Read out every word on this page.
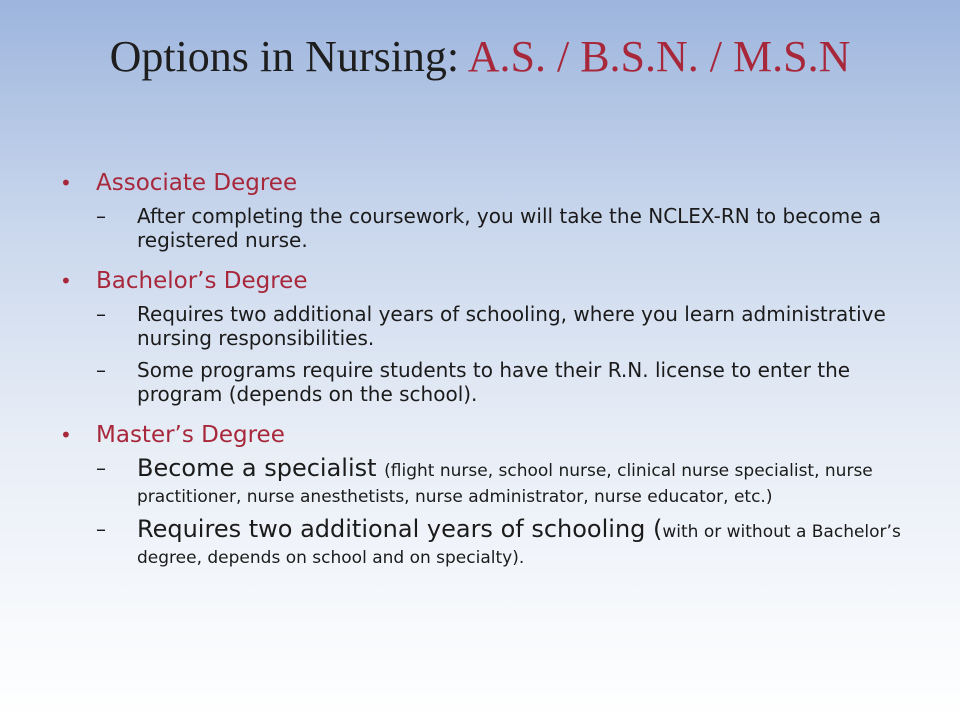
Options in Nursing: A.S. / B.S.N. / M.S.N
• Associate Degree
– After completing the coursework, you will take the NCLEX-RN to become a registered nurse.
• Bachelor’s Degree
– Requires two additional years of schooling, where you learn administrative nursing responsibilities.
– Some programs require students to have their R.N. license to enter the program (depends on the school).
• Master’s Degree
– Become a specialist (flight nurse, school nurse, clinical nurse specialist, nurse practitioner, nurse anesthetists, nurse administrator, nurse educator, etc.)
– Requires two additional years of schooling (with or without a Bachelor’s degree, depends on school and on specialty).
